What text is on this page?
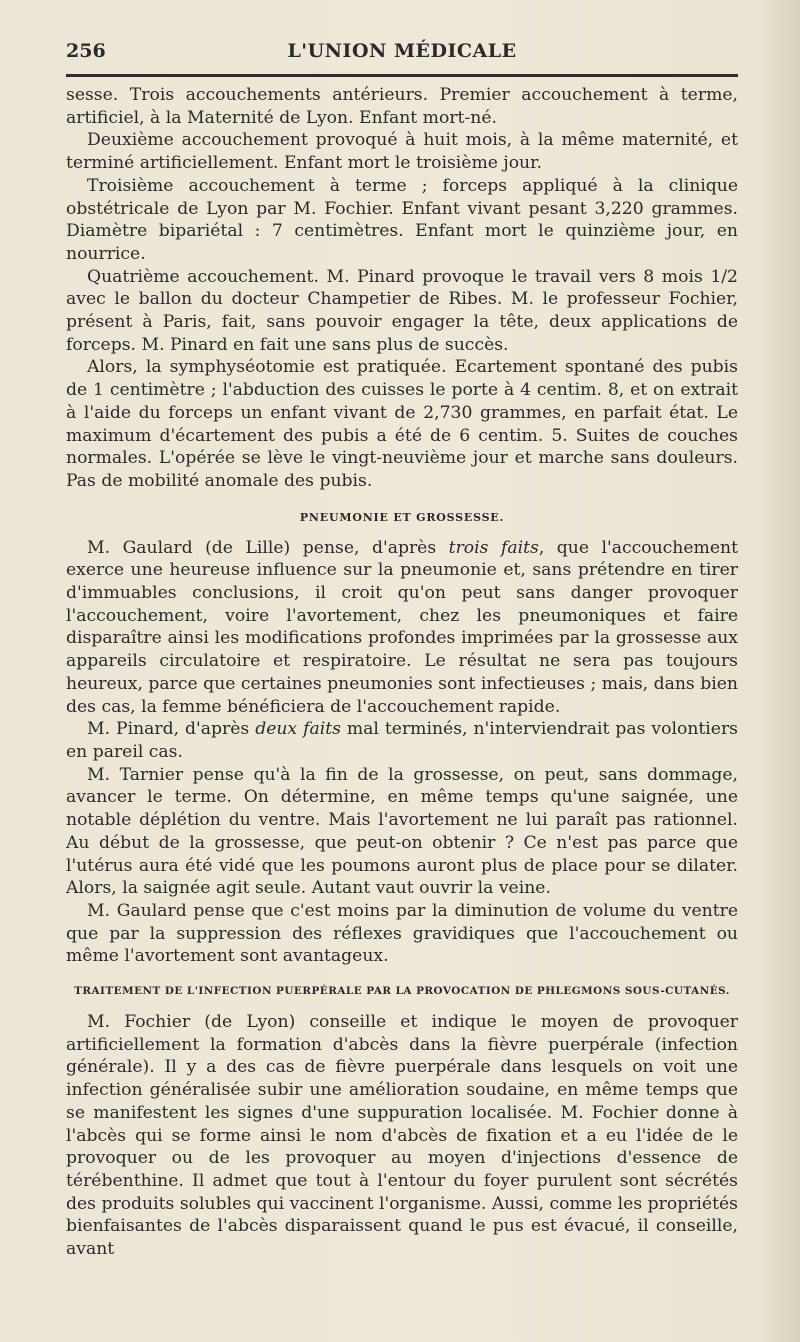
256	L'UNION MÉDICALE

sesse. Trois accouchements antérieurs. Premier accouchement à terme, artificiel, à la Maternité de Lyon. Enfant mort-né.

Deuxième accouchement provoqué à huit mois, à la même maternité, et terminé artificiellement. Enfant mort le troisième jour.

Troisième accouchement à terme ; forceps appliqué à la clinique obstétricale de Lyon par M. Fochier. Enfant vivant pesant 3,220 grammes. Diamètre bipariétal : 7 centimètres. Enfant mort le quinzième jour, en nourrice.

Quatrième accouchement. M. Pinard provoque le travail vers 8 mois 1/2 avec le ballon du docteur Champetier de Ribes. M. le professeur Fochier, présent à Paris, fait, sans pouvoir engager la tête, deux applications de forceps. M. Pinard en fait une sans plus de succès.

Alors, la symphyséotomie est pratiquée. Ecartement spontané des pubis de 1 centimètre ; l'abduction des cuisses le porte à 4 centim. 8, et on extrait à l'aide du forceps un enfant vivant de 2,730 grammes, en parfait état. Le maximum d'écartement des pubis a été de 6 centim. 5. Suites de couches normales. L'opérée se lève le vingt-neuvième jour et marche sans douleurs. Pas de mobilité anomale des pubis.

PNEUMONIE ET GROSSESSE.

M. Gaulard (de Lille) pense, d'après trois faits, que l'accouchement exerce une heureuse influence sur la pneumonie et, sans prétendre en tirer d'immuables conclusions, il croit qu'on peut sans danger provoquer l'accouchement, voire l'avortement, chez les pneumoniques et faire disparaître ainsi les modifications profondes imprimées par la grossesse aux appareils circulatoire et respiratoire. Le résultat ne sera pas toujours heureux, parce que certaines pneumonies sont infectieuses ; mais, dans bien des cas, la femme bénéficiera de l'accouchement rapide.

M. Pinard, d'après deux faits mal terminés, n'interviendrait pas volontiers en pareil cas.

M. Tarnier pense qu'à la fin de la grossesse, on peut, sans dommage, avancer le terme. On détermine, en même temps qu'une saignée, une notable déplétion du ventre. Mais l'avortement ne lui paraît pas rationnel. Au début de la grossesse, que peut-on obtenir ? Ce n'est pas parce que l'utérus aura été vidé que les poumons auront plus de place pour se dilater. Alors, la saignée agit seule. Autant vaut ouvrir la veine.

M. Gaulard pense que c'est moins par la diminution de volume du ventre que par la suppression des réflexes gravidiques que l'accouchement ou même l'avortement sont avantageux.

TRAITEMENT DE L'INFECTION PUERPÉRALE PAR LA PROVOCATION DE PHLEGMONS SOUS-CUTANÉS.

M. Fochier (de Lyon) conseille et indique le moyen de provoquer artificiellement la formation d'abcès dans la fièvre puerpérale (infection générale). Il y a des cas de fièvre puerpérale dans lesquels on voit une infection généralisée subir une amélioration soudaine, en même temps que se manifestent les signes d'une suppuration localisée. M. Fochier donne à l'abcès qui se forme ainsi le nom d'abcès de fixation et a eu l'idée de le provoquer ou de les provoquer au moyen d'injections d'essence de térébenthine. Il admet que tout à l'entour du foyer purulent sont sécrétés des produits solubles qui vaccinent l'organisme. Aussi, comme les propriétés bienfaisantes de l'abcès disparaissent quand le pus est évacué, il conseille, avant
